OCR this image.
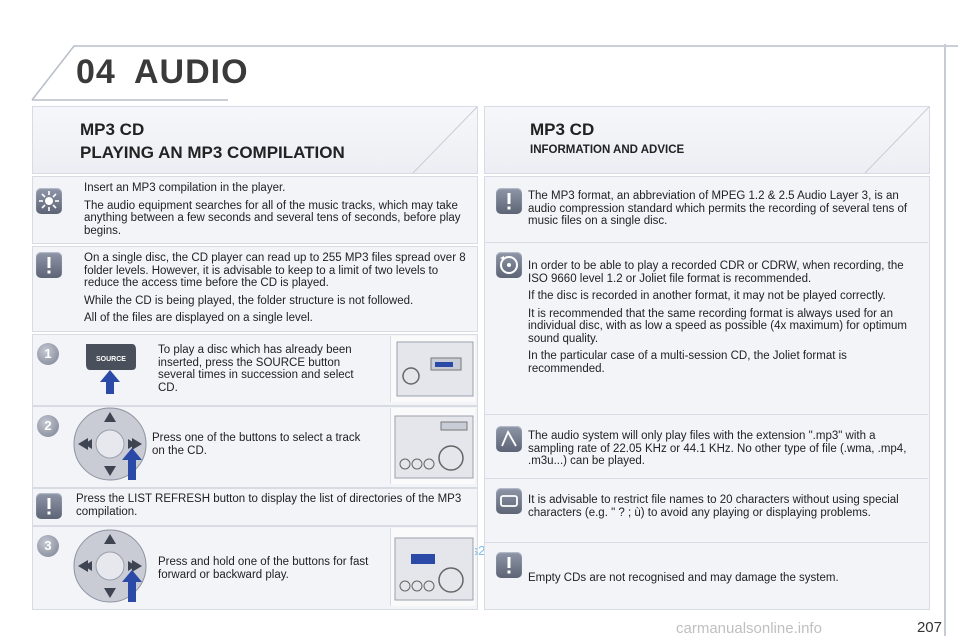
04 AUDIO
MP3 CD
PLAYING AN MP3 COMPILATION

Insert an MP3 compilation in the player.

The audio equipment searches for all of the music tracks, which may take anything between a few seconds and several tens of seconds, before play begins.

On a single disc, the CD player can read up to 255 MP3 files spread over 8 folder levels. However, it is advisable to keep to a limit of two levels to reduce the access time before the CD is played.

While the CD is being played, the folder structure is not followed.

All of the files are displayed on a single level.

1	SOURCE
To play a disc which has already been inserted, press the SOURCE button several times in succession and select CD.
2
Press one of the buttons to select a track on the CD.
Press the LIST REFRESH button to display the list of directories of the MP3 compilation.
3
Press and hold one of the buttons for fast forward or backward play.
MP3 CD
INFORMATION AND ADVICE
The MP3 format, an abbreviation of MPEG 1.2 & 2.5 Audio Layer 3, is an audio compression standard which permits the recording of several tens of music files on a single disc.

In order to be able to play a recorded CDR or CDRW, when recording, the ISO 9660 level 1.2 or Joliet file format is recommended.

If the disc is recorded in another format, it may not be played correctly.

It is recommended that the same recording format is always used for an individual disc, with as low a speed as possible (4x maximum) for optimum sound quality.

In the particular case of a multi-session CD, the Joliet format is recommended.

The audio system will only play files with the extension ".mp3" with a sampling rate of 22.05 KHz or 44.1 KHz. No other type of file (.wma, .mp4, .m3u...) can be played.
It is advisable to restrict file names to 20 characters without using special characters (e.g. " ? ; ù) to avoid any playing or displaying problems.
Empty CDs are not recognised and may damage the system.
207
carmanualsonline.info
